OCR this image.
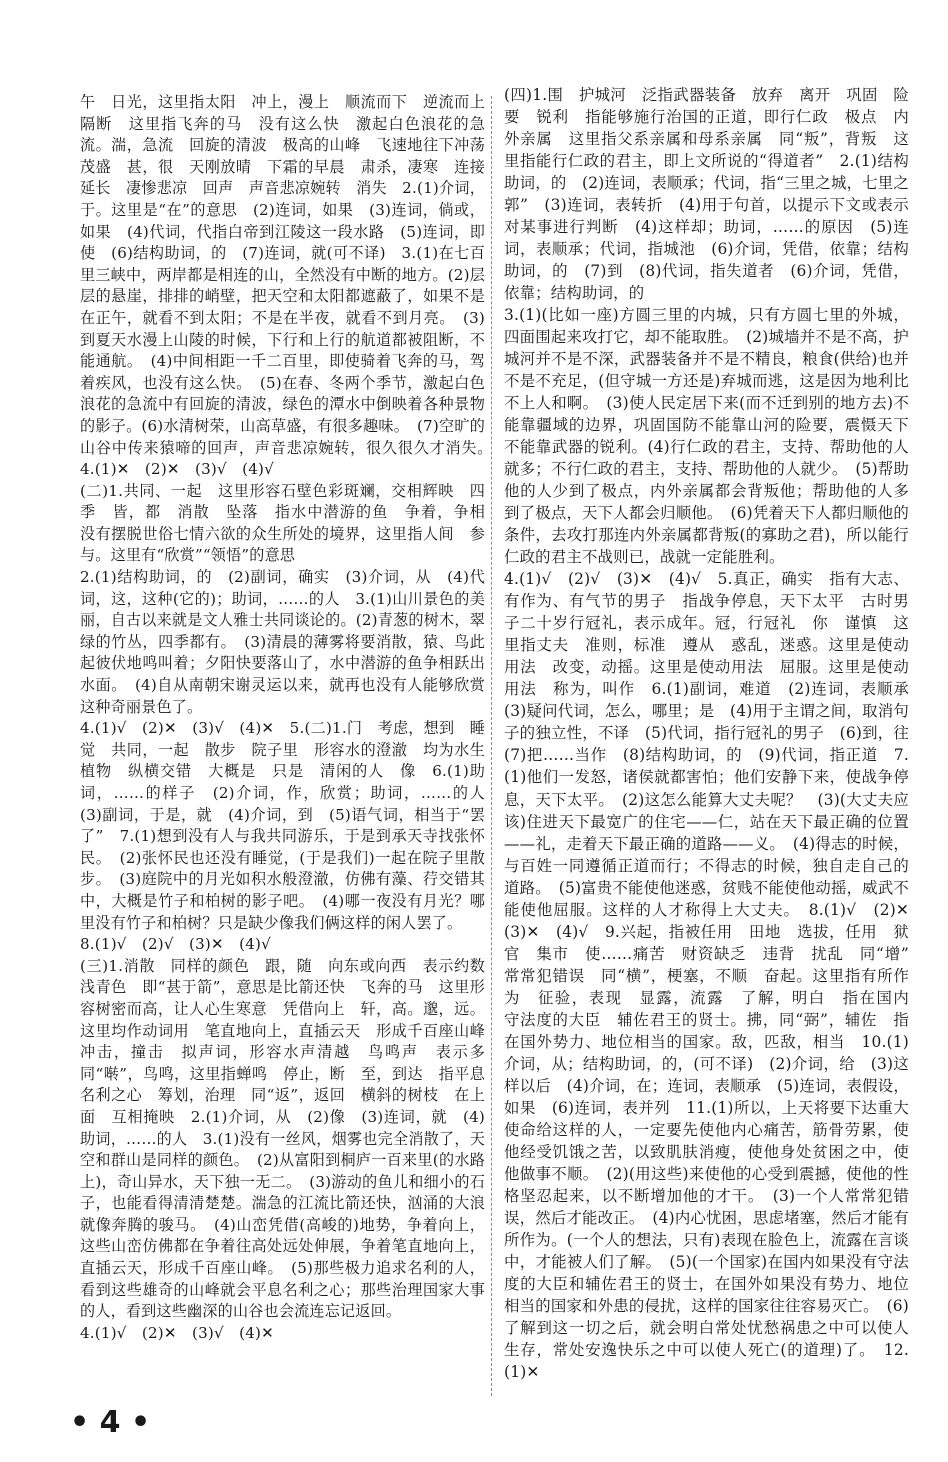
午　日光，这里指太阳　冲上，漫上　顺流而下　逆流而上　隔断　这里指飞奔的马　没有这么快　激起白色浪花的急流。湍，急流　回旋的清波　极高的山峰　飞速地往下冲荡　茂盛　甚，很　天刚放晴　下霜的早晨　肃杀，凄寒　连接　延长　凄惨悲凉　回声　声音悲凉婉转　消失　2.(1)介词，于。这里是“在”的意思　(2)连词，如果　(3)连词，倘或，如果　(4)代词，代指白帝到江陵这一段水路　(5)连词，即使　(6)结构助词，的　(7)连词，就(可不译)　3.(1)在七百里三峡中，两岸都是相连的山，全然没有中断的地方。(2)层层的悬崖，排排的峭壁，把天空和太阳都遮蔽了，如果不是在正午，就看不到太阳；不是在半夜，就看不到月亮。　(3)到夏天水漫上山陵的时候，下行和上行的航道都被阻断，不能通航。　(4)中间相距一千二百里，即使骑着飞奔的马，驾着疾风，也没有这么快。　(5)在春、冬两个季节，激起白色浪花的急流中有回旋的清波，绿色的潭水中倒映着各种景物的影子。(6)水清树荣，山高草盛，有很多趣味。　(7)空旷的山谷中传来猿啼的回声，声音悲凉婉转，很久很久才消失。　4.(1)✕　(2)✕　(3)√　(4)√

(二)1.共同、一起　这里形容石壁色彩斑斓，交相辉映　四季　皆，都　消散　坠落　指水中潜游的鱼　争着，争相　没有摆脱世俗七情六欲的众生所处的境界，这里指人间　参与。这里有“欣赏”“领悟”的意思

2.(1)结构助词，的　(2)副词，确实　(3)介词，从　(4)代词，这，这种(它的)；助词，……的人　3.(1)山川景色的美丽，自古以来就是文人雅士共同谈论的。(2)青葱的树木，翠绿的竹丛，四季都有。　(3)清晨的薄雾将要消散，猿、鸟此起彼伏地鸣叫着；夕阳快要落山了，水中潜游的鱼争相跃出水面。　(4)自从南朝宋谢灵运以来，就再也没有人能够欣赏这种奇丽景色了。

4.(1)√　(2)✕　(3)√　(4)✕　5.(二)1.门　考虑，想到　睡觉　共同，一起　散步　院子里　形容水的澄澈　均为水生植物　纵横交错　大概是　只是　清闲的人　像　6.(1)助词，……的样子　(2)介词，作，欣赏；助词，……的人　(3)副词，于是，就　(4)介词，到　(5)语气词，相当于“罢了”　7.(1)想到没有人与我共同游乐，于是到承天寺找张怀民。　(2)张怀民也还没有睡觉，(于是我们)一起在院子里散步。　(3)庭院中的月光如积水般澄澈，仿佛有藻、荇交错其中，大概是竹子和柏树的影子吧。　(4)哪一夜没有月光？哪里没有竹子和柏树？只是缺少像我们俩这样的闲人罢了。

8.(1)√　(2)√　(3)✕　(4)√

(三)1.消散　同样的颜色　跟，随　向东或向西　表示约数　浅青色　即“甚于箭”，意思是比箭还快　飞奔的马　这里形容树密而高，让人心生寒意　凭借向上　轩，高。邈，远。这里均作动词用　笔直地向上，直插云天　形成千百座山峰　冲击，撞击　拟声词，形容水声清越　鸟鸣声　表示多　同“啭”，鸟鸣，这里指蝉鸣　停止，断　至，到达　指平息名利之心　筹划，治理　同“返”，返回　横斜的树枝　在上面　互相掩映　2.(1)介词，从　(2)像　(3)连词，就　(4)助词，……的人　3.(1)没有一丝风，烟雾也完全消散了，天空和群山是同样的颜色。　(2)从富阳到桐庐一百来里(的水路上)，奇山异水，天下独一无二。　(3)游动的鱼儿和细小的石子，也能看得清清楚楚。湍急的江流比箭还快，汹涌的大浪就像奔腾的骏马。　(4)山峦凭借(高峻的)地势，争着向上，这些山峦仿佛都在争着往高处远处伸展，争着笔直地向上，直插云天，形成千百座山峰。　(5)那些极力追求名利的人，看到这些雄奇的山峰就会平息名利之心；那些治理国家大事的人，看到这些幽深的山谷也会流连忘记返回。

4.(1)√　(2)✕　(3)√　(4)✕

(四)1.围　护城河　泛指武器装备　放弃　离开　巩固　险要　锐利　指能够施行治国的正道，即行仁政　极点　内外亲属　这里指父系亲属和母系亲属　同“叛”，背叛　这里指能行仁政的君主，即上文所说的“得道者”　2.(1)结构助词，的　(2)连词，表顺承；代词，指“三里之城，七里之郭”　(3)连词，表转折　(4)用于句首，以提示下文或表示对某事进行判断　(4)这样却；助词，……的原因　(5)连词，表顺承；代词，指城池　(6)介词，凭借，依靠；结构助词，的　(7)到　(8)代词，指失道者　(6)介词，凭借，依靠；结构助词，的

3.(1)(比如一座)方圆三里的内城，只有方圆七里的外城，四面围起来攻打它，却不能取胜。　(2)城墙并不是不高，护城河并不是不深，武器装备并不是不精良，粮食(供给)也并不是不充足，(但守城一方还是)弃城而逃，这是因为地利比不上人和啊。　(3)使人民定居下来(而不迁到别的地方去)不能靠疆域的边界，巩固国防不能靠山河的险要，震慑天下不能靠武器的锐利。(4)行仁政的君主，支持、帮助他的人就多；不行仁政的君主，支持、帮助他的人就少。　(5)帮助他的人少到了极点，内外亲属都会背叛他；帮助他的人多到了极点，天下人都会归顺他。　(6)凭着天下人都归顺他的条件，去攻打那连内外亲属都背叛(的寡助之君)，所以能行仁政的君主不战则已，战就一定能胜利。

4.(1)√　(2)√　(3)✕　(4)√　5.真正，确实　指有大志、有作为、有气节的男子　指战争停息，天下太平　古时男子二十岁行冠礼，表示成年。冠，行冠礼　你　谨慎　这里指丈夫　准则，标准　遵从　惑乱，迷惑。这里是使动用法　改变，动摇。这里是使动用法　屈服。这里是使动用法　称为，叫作　6.(1)副词，难道　(2)连词，表顺承　(3)疑问代词，怎么，哪里；是　(4)用于主谓之间，取消句子的独立性，不译　(5)代词，指行冠礼的男子　(6)到，往　(7)把……当作　(8)结构助词，的　(9)代词，指正道　7.(1)他们一发怒，诸侯就都害怕；他们安静下来，使战争停息，天下太平。　(2)这怎么能算大丈夫呢？　(3)(大丈夫应该)住进天下最宽广的住宅——仁，站在天下最正确的位置——礼，走着天下最正确的道路——义。　(4)得志的时候，与百姓一同遵循正道而行；不得志的时候，独自走自己的道路。　(5)富贵不能使他迷惑，贫贱不能使他动摇，威武不能使他屈服。这样的人才称得上大丈夫。　8.(1)√　(2)✕　(3)✕　(4)√　9.兴起，指被任用　田地　选拔，任用　狱官　集市　使……痛苦　财资缺乏　违背　扰乱　同“增”　常常犯错误　同“横”，梗塞，不顺　奋起。这里指有所作为　征验，表现　显露，流露　了解，明白　指在国内　守法度的大臣　辅佐君王的贤士。拂，同“弼”，辅佐　指在国外势力、地位相当的国家。敌，匹敌，相当　10.(1)介词，从；结构助词，的，(可不译)　(2)介词，给　(3)这样以后　(4)介词，在；连词，表顺承　(5)连词，表假设，如果　(6)连词，表并列　11.(1)所以，上天将要下达重大使命给这样的人，一定要先使他内心痛苦，筋骨劳累，使他经受饥饿之苦，以致肌肤消瘦，使他身处贫困之中，使他做事不顺。　(2)(用这些)来使他的心受到震撼，使他的性格坚忍起来，以不断增加他的才干。　(3)一个人常常犯错误，然后才能改正。　(4)内心忧困，思虑堵塞，然后才能有所作为。(一个人的想法，只有)表现在脸色上，流露在言谈中，才能被人们了解。　(5)(一个国家)在国内如果没有守法度的大臣和辅佐君王的贤士，在国外如果没有势力、地位相当的国家和外患的侵扰，这样的国家往往容易灭亡。　(6)了解到这一切之后，就会明白常处忧愁祸患之中可以使人生存，常处安逸快乐之中可以使人死亡(的道理)了。　12.(1)✕

• 4 •
